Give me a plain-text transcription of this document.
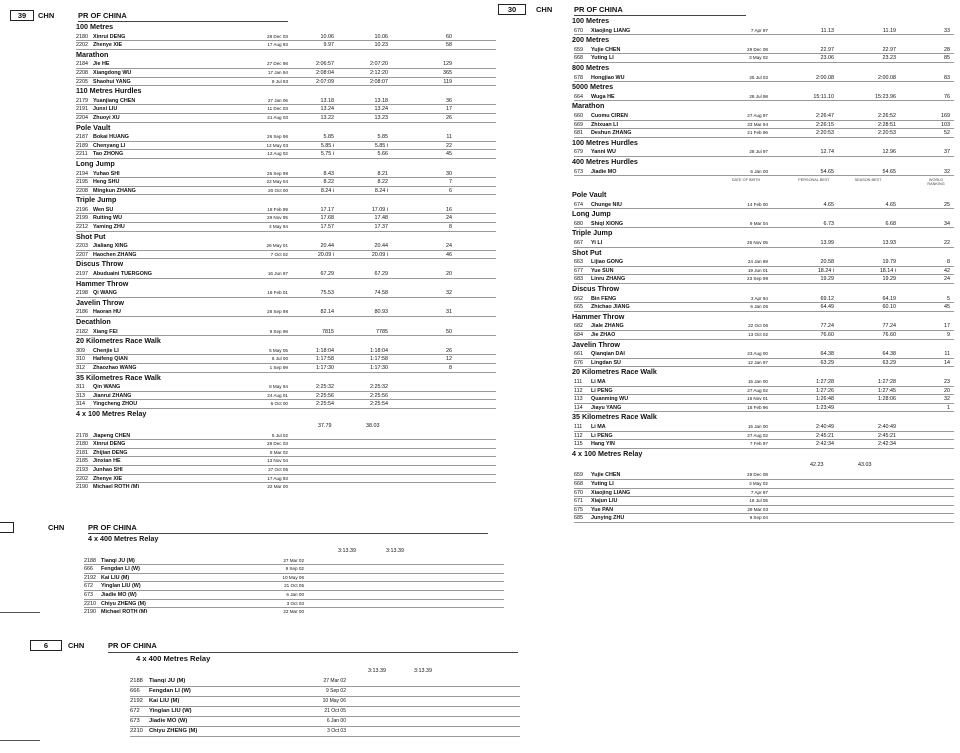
39	CHN	PR OF CHINA
100 Metres
2180 Xinrui DENG	28 Dec 03	10.06	10.06	60
2202 Zhenye XIE	17 Aug 93	9.97	10.23	58
Marathon
2184 Jie HE	27 Dec 98	2:06:57	2:07:20	129
2208 Xiangdong WU	17 Jan 94	2:08:04	2:12:20	365
2205 Shaohui YANG	9 Jul 93	2:07:09	2:08:07	119
110 Metres Hurdles
2179 Yuanjiang CHEN	27 Jan 06	13.18	13.18	36
2191 Junxi LIU	11 Dec 03	13.24	13.24	17
2204 Zhuoyi XU	21 Aug 03	13.22	13.23	26
Pole Vault
2187 Bokai HUANG	26 Sep 96	5.85	5.85	11
2189 Chenyang LI	12 May 03	5.85 i	5.85 i	22
2211 Tao ZHONG	12 Aug 02	5.75 i	5.66	45
Long Jump
2194 Yuhao SHI	26 Sep 98	8.43	8.21	30
2195 Heng SHU	22 May 04	8.22	8.22	7
2208 Mingkun ZHANG	20 Oct 00	8.24 i	8.24 i	6
Triple Jump
2196 Wen SU	18 Feb 99	17.17	17.09 i	16
2199 Ruiting WU	29 Nov 95	17.68	17.48	24
2212 Yaming ZHU	4 May 94	17.57	17.37	8
Shot Put
2203 Jialiang XING	26 May 01	20.44	20.44	24
2207 Haochen ZHANG	7 Oct 02	20.09 i	20.09 i	46
Discus Throw
2197 Abuduaini TUERGONG	16 Jun 97	67.29	67.29	20
Hammer Throw
2198 Qi WANG	18 Feb 01	75.53	74.58	32
Javelin Throw
2186 Haoran HU	28 Sep 98	82.14	80.93	31
Decathlon
2182 Xiang FEI	9 Sep 98	7815	7785	50
20 Kilometres Race Walk
309 Chenjie LI	5 May 05	1:18:04	1:18:04	26
310 Haifeng QIAN	8 Jul 00	1:17:58	1:17:58	12
312 Zhaozhao WANG	1 Sep 99	1:17:30	1:17:30	8
35 Kilometres Race Walk
311 Qin WANG	8 May 94	2:25:32	2:25:32
313 Jianrui ZHANG	24 Aug 01	2:25:56	2:25:56
314 Yingcheng ZHOU	6 Oct 00	2:25:54	2:25:54
4 x 100 Metres Relay
37.79	38.03
2178 Jiapeng CHEN	5 Jul 02
2180 Xinrui DENG	28 Dec 03
2181 Zhijian DENG	5 Mar 02
2185 Jinxian HE	13 Nov 04
2193 Junhao SHI	27 Oct 05
2202 Zhenye XIE	17 Aug 93
2190 Michael ROTH (M)	22 Mar 00
CHN	PR OF CHINA
4 x 400 Metres Relay
3:13.39	3:13.39
2188 Tianqi JU (M)	27 Mar 02
666 Fengdan LI (W)	9 Sep 02
2192 Kai LIU (M)	10 May 06
672 Yinglan LIU (W)	21 Oct 05
673 Jiadie MO (W)	6 Jan 00
2210 Chiyu ZHENG (M)	3 Oct 03
2190 Michael ROTH (M)	22 Mar 00
6	CHN	PR OF CHINA
4 x 400 Metres Relay
3:13.39	3:13.39
2188 Tianqi JU (M)	27 Mar 02
666 Fengdan LI (W)	9 Sep 02
2192 Kai LIU (M)	10 May 06
672 Yinglan LIU (W)	21 Oct 05
673 Jiadie MO (W)	6 Jan 00
2210 Chiyu ZHENG (M)	3 Oct 03
30	CHN	PR OF CHINA
100 Metres
670 Xiaojing LIANG	7 Apr 97	11.13	11.19	33
200 Metres
659 Yujie CHEN	29 Dec 08	22.97	22.97	28
668 Yuting LI	3 May 02	23.06	23.23	85
800 Metres
678 Hongjiao WU	25 Jul 03	2:00.08	2:00.08	83
5000 Metres
664 Wuga HE	28 Jul 98	15:11.10	15:23.96	76
Marathon
660 Cuomu CIREN	27 Aug 97	2:26:47	2:26:52	169
669 Zhixuan LI	23 Mar 94	2:26:15	2:28:51	103
681 Deshun ZHANG	21 Feb 96	2:20:53	2:20:53	52
100 Metres Hurdles
679 Yanni WU	28 Jul 97	12.74	12.96	37
400 Metres Hurdles
673 Jiadie MO	6 Jan 00	54.65	54.65	32
DATE OF BIRTH	PERSONAL BEST	SEASON BEST	WORLD RANKING
Pole Vault
674 Chunge NIU	14 Feb 00	4.65	4.65	25
Long Jump
680 Shiqi XIONG	9 Mar 04	6.73	6.68	34
Triple Jump
667 Yi LI	26 Nov 05	13.99	13.93	22
Shot Put
663 Lijiao GONG	24 Jan 89	20.58	19.79	8
677 Yue SUN	19 Jun 01	18.24 i	18.14 i	42
683 Linru ZHANG	23 Sep 99	19.29	19.29	24
Discus Throw
662 Bin FENG	3 Apr 94	69.12	64.19	5
665 Zhichao JIANG	6 Jan 05	64.49	60.10	45
Hammer Throw
682 Jiale ZHANG	22 Oct 06	77.24	77.24	17
684 Jie ZHAO	13 Oct 02	76.60	76.60	9
Javelin Throw
661 Qianqian DAI	23 Aug 00	64.38	64.38	11
676 Lingdan SU	12 Jan 97	63.29	63.29	14
20 Kilometres Race Walk
111 Li MA	15 Jan 00	1:27:28	1:27:28	23
112 Li PENG	27 Aug 02	1:27:26	1:27:45	20
113 Quanming WU	16 Nov 01	1:26:48	1:28:06	32
114 Jiayu YANG	18 Feb 96	1:23:49	1
35 Kilometres Race Walk
111 Li MA	15 Jan 00	2:40:49	2:40:49
112 Li PENG	27 Aug 02	2:45:21	2:45:21
115 Hang YIN	7 Feb 97	2:42:34	2:42:34
4 x 100 Metres Relay
42.23	43.03
659 Yujie CHEN	29 Dec 08
668 Yuting LI	3 May 02
670 Xiaojing LIANG	7 Apr 97
671 Xiajun LIU	16 Jul 05
675 Yue PAN	29 Mar 03
685 Junying ZHU	9 Sep 04
